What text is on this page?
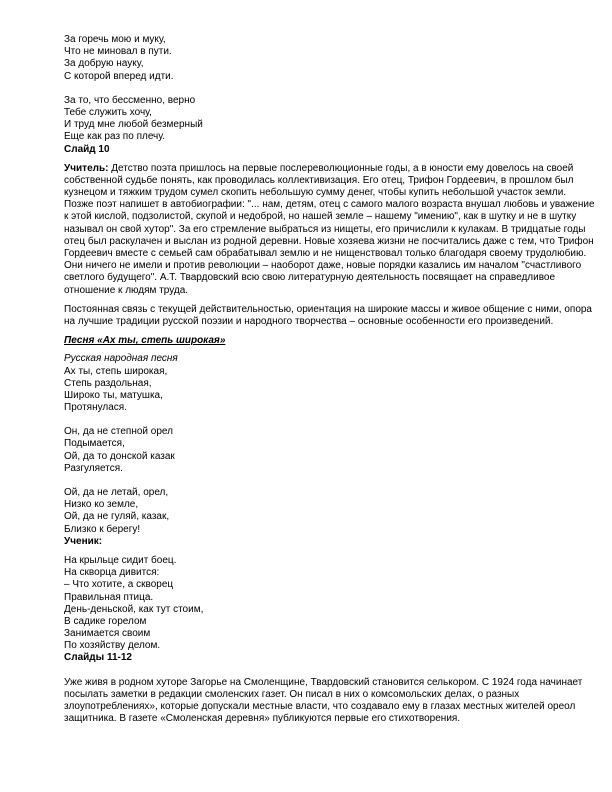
За горечь мою и муку,
Что не миновал в пути.
За добрую науку,
С которой вперед идти.
За то, что бессменно, верно
Тебе служить хочу,
И труд мне любой безмерный
Еще как раз по плечу.
Слайд 10
Учитель: Детство поэта пришлось на первые послереволюционные годы, а в юности ему довелось на своей
собственной судьбе понять, как проводилась коллективизация. Его отец, Трифон Гордеевич, в прошлом был
кузнецом и тяжким трудом сумел скопить небольшую сумму денег, чтобы купить небольшой участок земли.
Позже поэт напишет в автобиографии: "... нам, детям, отец с самого малого возраста внушал любовь и уважение
к этой кислой, подзолистой, скупой и недоброй, но нашей земле – нашему "имению", как в шутку и не в шутку
называл он свой хутор". За его стремление выбраться из нищеты, его причислили к кулакам. В тридцатые годы
отец был раскулачен и выслан из родной деревни. Новые хозяева жизни не посчитались даже с тем, что Трифон
Гордеевич вместе с семьей сам обрабатывал землю и не нищенствовал только благодаря своему трудолюбию.
Они ничего не имели и против революции – наоборот даже, новые порядки казались им началом "счастливого
светлого будущего". А.Т. Твардовский всю свою литературную деятельность посвящает на справедливое
отношение к людям труда.
Постоянная связь с текущей действительностью, ориентация на широкие массы и живое общение с ними, опора
на лучшие традиции русской поэзии и народного творчества – основные особенности его произведений.
Песня «Ах ты, степь широкая»
Русская народная песня
Ах ты, степь широкая,
Степь раздольная,
Широко ты, матушка,
Протянулася.
Он, да не степной орел
Подымается,
Ой, да то донской казак
Разгуляется.
Ой, да не летай, орел,
Низко ко земле,
Ой, да не гуляй, казак,
Близко к берегу!
Ученик:
На крыльце сидит боец.
На скворца дивится:
– Что хотите, а скворец
Правильная птица.
День-деньской, как тут стоим,
В садике горелом
Занимается своим
По хозяйству делом.
Слайды 11-12
Уже живя в родном хуторе Загорье на Смоленщине, Твардовский становится селькором. С 1924 года начинает
посылать заметки в редакции смоленских газет. Он писал в них о комсомольских делах, о разных
злоупотреблениях», которые допускали местные власти, что создавало ему в глазах местных жителей ореол
защитника. В газете «Смоленская деревня» публикуются первые его стихотворения.
